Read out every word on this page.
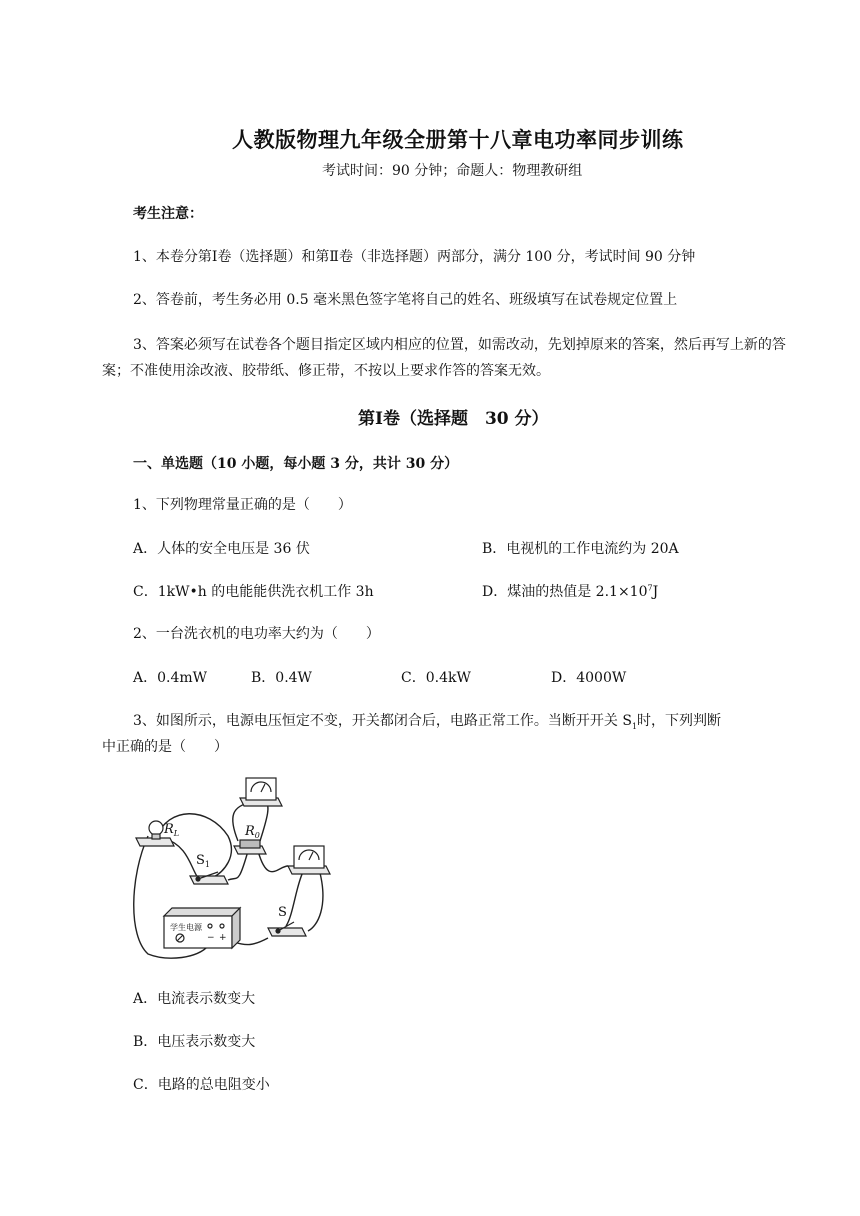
人教版物理九年级全册第十八章电功率同步训练
考试时间：90 分钟；命题人：物理教研组
考生注意：
1、本卷分第Ⅰ卷（选择题）和第Ⅱ卷（非选择题）两部分，满分 100 分，考试时间 90 分钟
2、答卷前，考生务必用 0.5 毫米黑色签字笔将自己的姓名、班级填写在试卷规定位置上
3、答案必须写在试卷各个题目指定区域内相应的位置，如需改动，先划掉原来的答案，然后再写上新的答案；不准使用涂改液、胶带纸、修正带，不按以上要求作答的答案无效。
第Ⅰ卷（选择题　30 分）
一、单选题（10 小题，每小题 3 分，共计 30 分）
1、下列物理常量正确的是（　　）
A．人体的安全电压是 36 伏	B．电视机的工作电流约为 20A
C．1kW•h 的电能能供洗衣机工作 3h	D．煤油的热值是 $2.1\times 10^7J$
2、一台洗衣机的电功率大约为（　　）
A．0.4mW	B．0.4W	C．0.4kW	D．4000W
3、如图所示，电源电压恒定不变，开关都闭合后，电路正常工作。当断开开关 $S_1$时，下列判断
中正确的是（　　）
$R_L$	$R_0$
$S_1$
S
学生电源
− +
A．电流表示数变大
B．电压表示数变大
C．电路的总电阻变小
